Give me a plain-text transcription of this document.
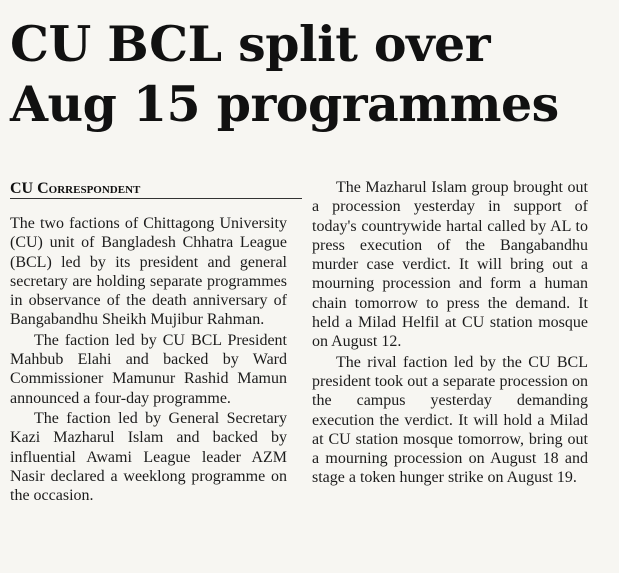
CU BCL split over
Aug 15 programmes
CU Correspondent

The two factions of Chittagong University (CU) unit of Bangladesh Chhatra League (BCL) led by its president and general secretary are holding separate programmes in observance of the death anniversary of Bangabandhu Sheikh Mujibur Rahman.

The faction led by CU BCL President Mahbub Elahi and backed by Ward Commissioner Mamunur Rashid Mamun announced a four-day programme.

The faction led by General Secretary Kazi Mazharul Islam and backed by influential Awami League leader AZM Nasir declared a weeklong programme on the occasion.

The Mazharul Islam group brought out a procession yesterday in support of today's countrywide hartal called by AL to press execution of the Bangabandhu murder case verdict. It will bring out a mourning procession and form a human chain tomorrow to press the demand. It held a Milad Helfil at CU station mosque on August 12.

The rival faction led by the CU BCL president took out a separate procession on the campus yesterday demanding execution the verdict. It will hold a Milad at CU station mosque tomorrow, bring out a mourning procession on August 18 and stage a token hunger strike on August 19.
